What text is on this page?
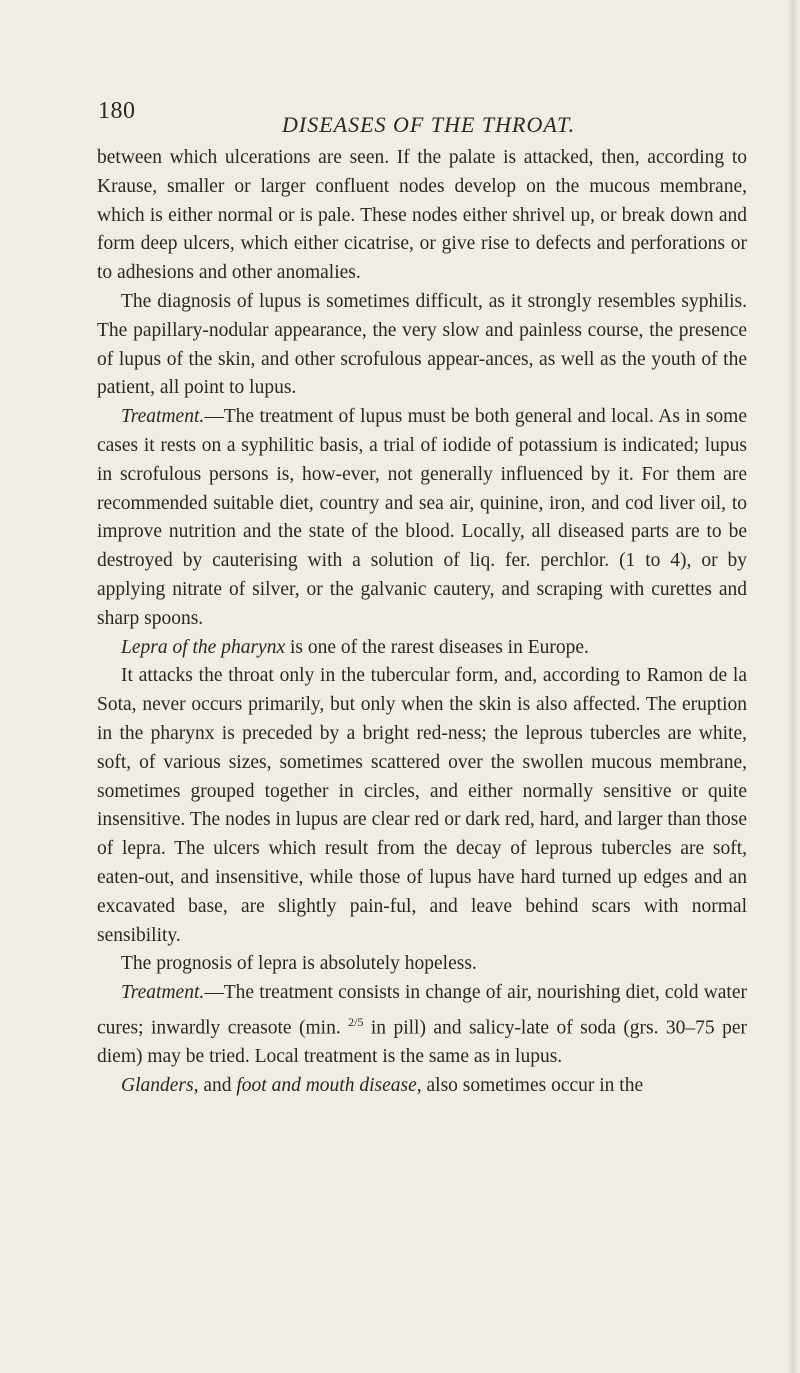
180
DISEASES OF THE THROAT.

between which ulcerations are seen. If the palate is attacked, then, according to Krause, smaller or larger confluent nodes develop on the mucous membrane, which is either normal or is pale. These nodes either shrivel up, or break down and form deep ulcers, which either cicatrise, or give rise to defects and perforations or to adhesions and other anomalies.

The diagnosis of lupus is sometimes difficult, as it strongly resembles syphilis. The papillary-nodular appearance, the very slow and painless course, the presence of lupus of the skin, and other scrofulous appear-ances, as well as the youth of the patient, all point to lupus.

Treatment.—The treatment of lupus must be both general and local. As in some cases it rests on a syphilitic basis, a trial of iodide of potassium is indicated; lupus in scrofulous persons is, how-ever, not generally influenced by it. For them are recommended suitable diet, country and sea air, quinine, iron, and cod liver oil, to improve nutrition and the state of the blood. Locally, all diseased parts are to be destroyed by cauterising with a solution of liq. fer. perchlor. (1 to 4), or by applying nitrate of silver, or the galvanic cautery, and scraping with curettes and sharp spoons.

Lepra of the pharynx is one of the rarest diseases in Europe.

It attacks the throat only in the tubercular form, and, according to Ramon de la Sota, never occurs primarily, but only when the skin is also affected. The eruption in the pharynx is preceded by a bright red-ness; the leprous tubercles are white, soft, of various sizes, sometimes scattered over the swollen mucous membrane, sometimes grouped together in circles, and either normally sensitive or quite insensitive. The nodes in lupus are clear red or dark red, hard, and larger than those of lepra. The ulcers which result from the decay of leprous tubercles are soft, eaten-out, and insensitive, while those of lupus have hard turned up edges and an excavated base, are slightly pain-ful, and leave behind scars with normal sensibility.

The prognosis of lepra is absolutely hopeless.

Treatment.—The treatment consists in change of air, nourishing diet, cold water cures; inwardly creasote (min. $^{2/5}$ in pill) and salicy-late of soda (grs. 30–75 per diem) may be tried. Local treatment is the same as in lupus.

Glanders, and foot and mouth disease, also sometimes occur in the
